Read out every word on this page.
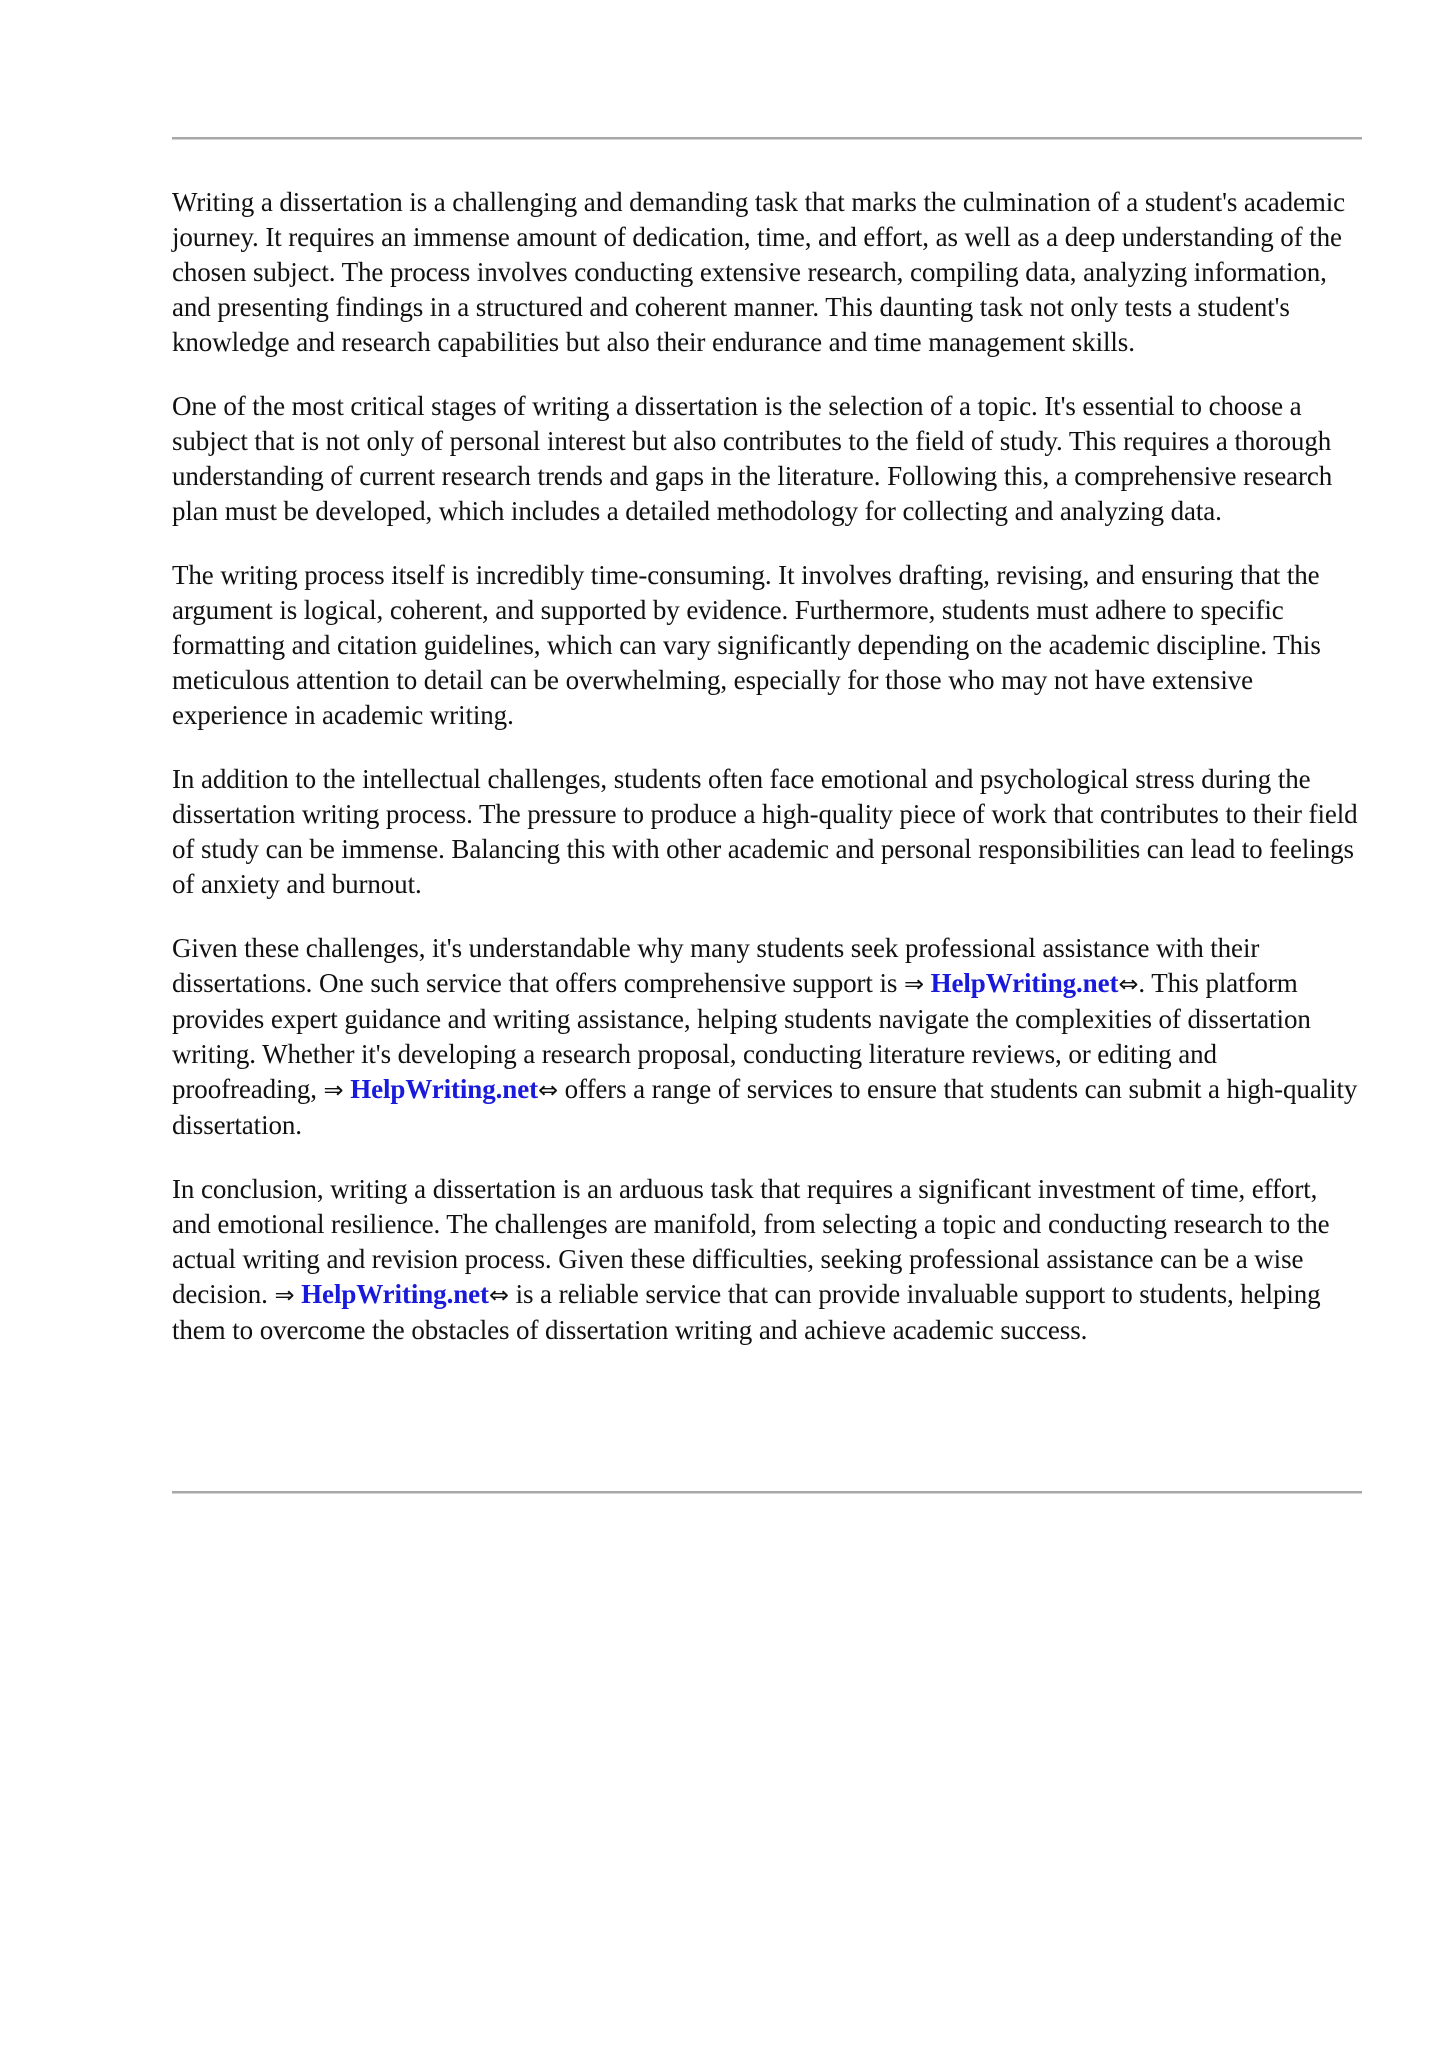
Writing a dissertation is a challenging and demanding task that marks the culmination of a student's academic journey. It requires an immense amount of dedication, time, and effort, as well as a deep understanding of the chosen subject. The process involves conducting extensive research, compiling data, analyzing information, and presenting findings in a structured and coherent manner. This daunting task not only tests a student's knowledge and research capabilities but also their endurance and time management skills.

One of the most critical stages of writing a dissertation is the selection of a topic. It's essential to choose a subject that is not only of personal interest but also contributes to the field of study. This requires a thorough understanding of current research trends and gaps in the literature. Following this, a comprehensive research plan must be developed, which includes a detailed methodology for collecting and analyzing data.

The writing process itself is incredibly time-consuming. It involves drafting, revising, and ensuring that the argument is logical, coherent, and supported by evidence. Furthermore, students must adhere to specific formatting and citation guidelines, which can vary significantly depending on the academic discipline. This meticulous attention to detail can be overwhelming, especially for those who may not have extensive experience in academic writing.

In addition to the intellectual challenges, students often face emotional and psychological stress during the dissertation writing process. The pressure to produce a high-quality piece of work that contributes to their field of study can be immense. Balancing this with other academic and personal responsibilities can lead to feelings of anxiety and burnout.

Given these challenges, it's understandable why many students seek professional assistance with their dissertations. One such service that offers comprehensive support is ⇒ HelpWriting.net⇔. This platform provides expert guidance and writing assistance, helping students navigate the complexities of dissertation writing. Whether it's developing a research proposal, conducting literature reviews, or editing and proofreading, ⇒ HelpWriting.net⇔ offers a range of services to ensure that students can submit a high-quality dissertation.

In conclusion, writing a dissertation is an arduous task that requires a significant investment of time, effort, and emotional resilience. The challenges are manifold, from selecting a topic and conducting research to the actual writing and revision process. Given these difficulties, seeking professional assistance can be a wise decision. ⇒ HelpWriting.net⇔ is a reliable service that can provide invaluable support to students, helping them to overcome the obstacles of dissertation writing and achieve academic success.
